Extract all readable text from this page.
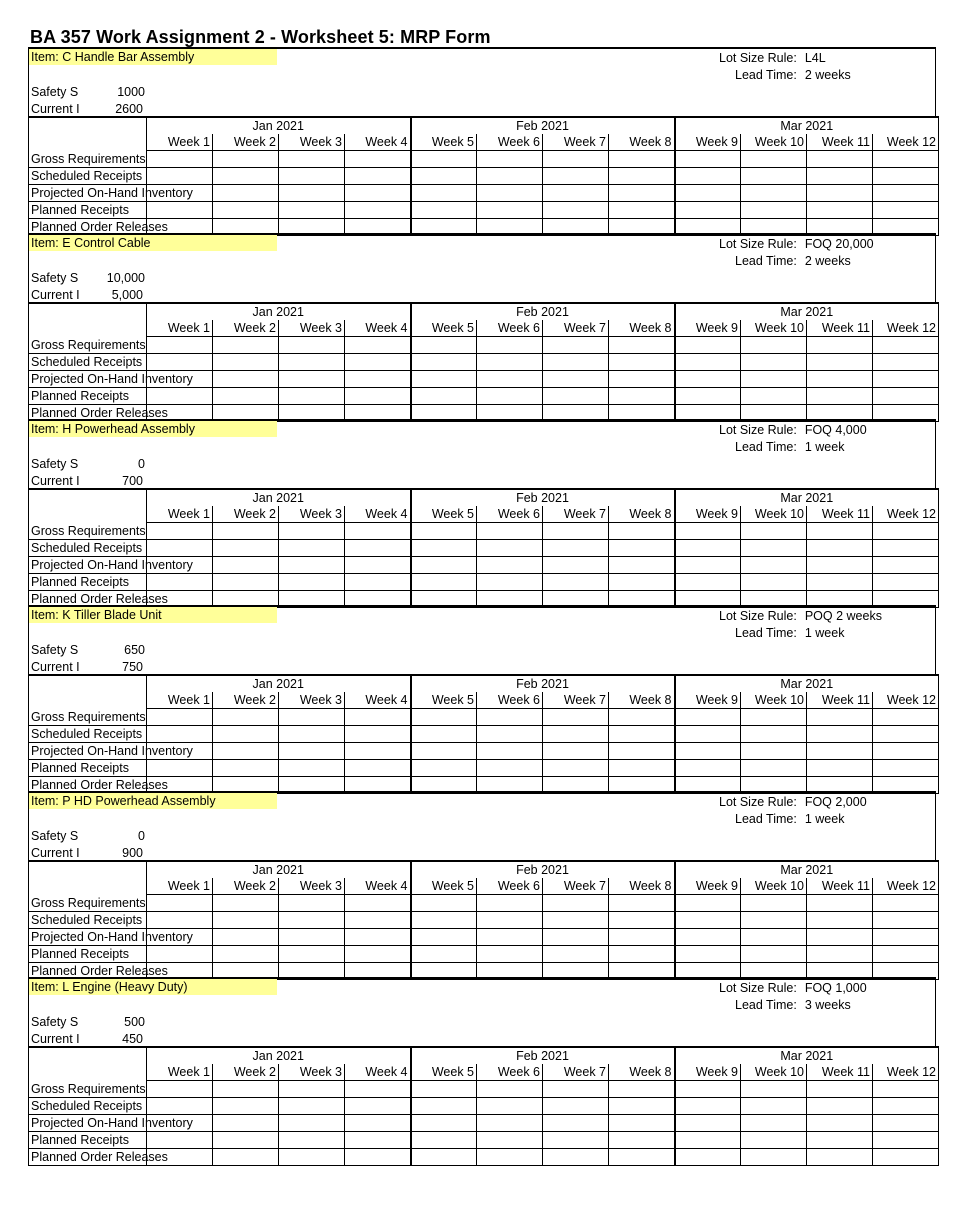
BA 357 Work Assignment 2 - Worksheet 5: MRP Form
Item: C Handle Bar Assembly	Lot Size Rule: L4L
Lead Time: 2 weeks
Safety S	1000
Current I	2600
	Jan 2021				Feb 2021				Mar 2021			
	Week 1	Week 2	Week 3	Week 4	Week 5	Week 6	Week 7	Week 8	Week 9	Week 10	Week 11	Week 12

Gross Requirements												

Scheduled Receipts												

Projected On-Hand Inventory												

Planned Receipts												

Planned Order Releases												

Item: E Control Cable	Lot Size Rule: FOQ 20,000
Lead Time: 2 weeks
Safety S	10,000
Current I	5,000
	Jan 2021				Feb 2021				Mar 2021			
	Week 1	Week 2	Week 3	Week 4	Week 5	Week 6	Week 7	Week 8	Week 9	Week 10	Week 11	Week 12

Gross Requirements												

Scheduled Receipts												

Projected On-Hand Inventory												

Planned Receipts												

Planned Order Releases												

Item: H Powerhead Assembly	Lot Size Rule: FOQ 4,000
Lead Time: 1 week
Safety S	0
Current I	700
	Jan 2021				Feb 2021				Mar 2021			
	Week 1	Week 2	Week 3	Week 4	Week 5	Week 6	Week 7	Week 8	Week 9	Week 10	Week 11	Week 12

Gross Requirements												

Scheduled Receipts												

Projected On-Hand Inventory												

Planned Receipts												

Planned Order Releases												

Item: K Tiller Blade Unit	Lot Size Rule: POQ 2 weeks
Lead Time: 1 week
Safety S	650
Current I	750
	Jan 2021				Feb 2021				Mar 2021			
	Week 1	Week 2	Week 3	Week 4	Week 5	Week 6	Week 7	Week 8	Week 9	Week 10	Week 11	Week 12

Gross Requirements												

Scheduled Receipts												

Projected On-Hand Inventory												

Planned Receipts												

Planned Order Releases												

Item: P HD Powerhead Assembly	Lot Size Rule: FOQ 2,000
Lead Time: 1 week
Safety S	0
Current I	900
	Jan 2021				Feb 2021				Mar 2021			
	Week 1	Week 2	Week 3	Week 4	Week 5	Week 6	Week 7	Week 8	Week 9	Week 10	Week 11	Week 12

Gross Requirements												

Scheduled Receipts												

Projected On-Hand Inventory												

Planned Receipts												

Planned Order Releases												

Item: L Engine (Heavy Duty)	Lot Size Rule: FOQ 1,000
Lead Time: 3 weeks
Safety S	500
Current I	450
	Jan 2021				Feb 2021				Mar 2021			
	Week 1	Week 2	Week 3	Week 4	Week 5	Week 6	Week 7	Week 8	Week 9	Week 10	Week 11	Week 12

Gross Requirements												

Scheduled Receipts												

Projected On-Hand Inventory												

Planned Receipts												

Planned Order Releases												
